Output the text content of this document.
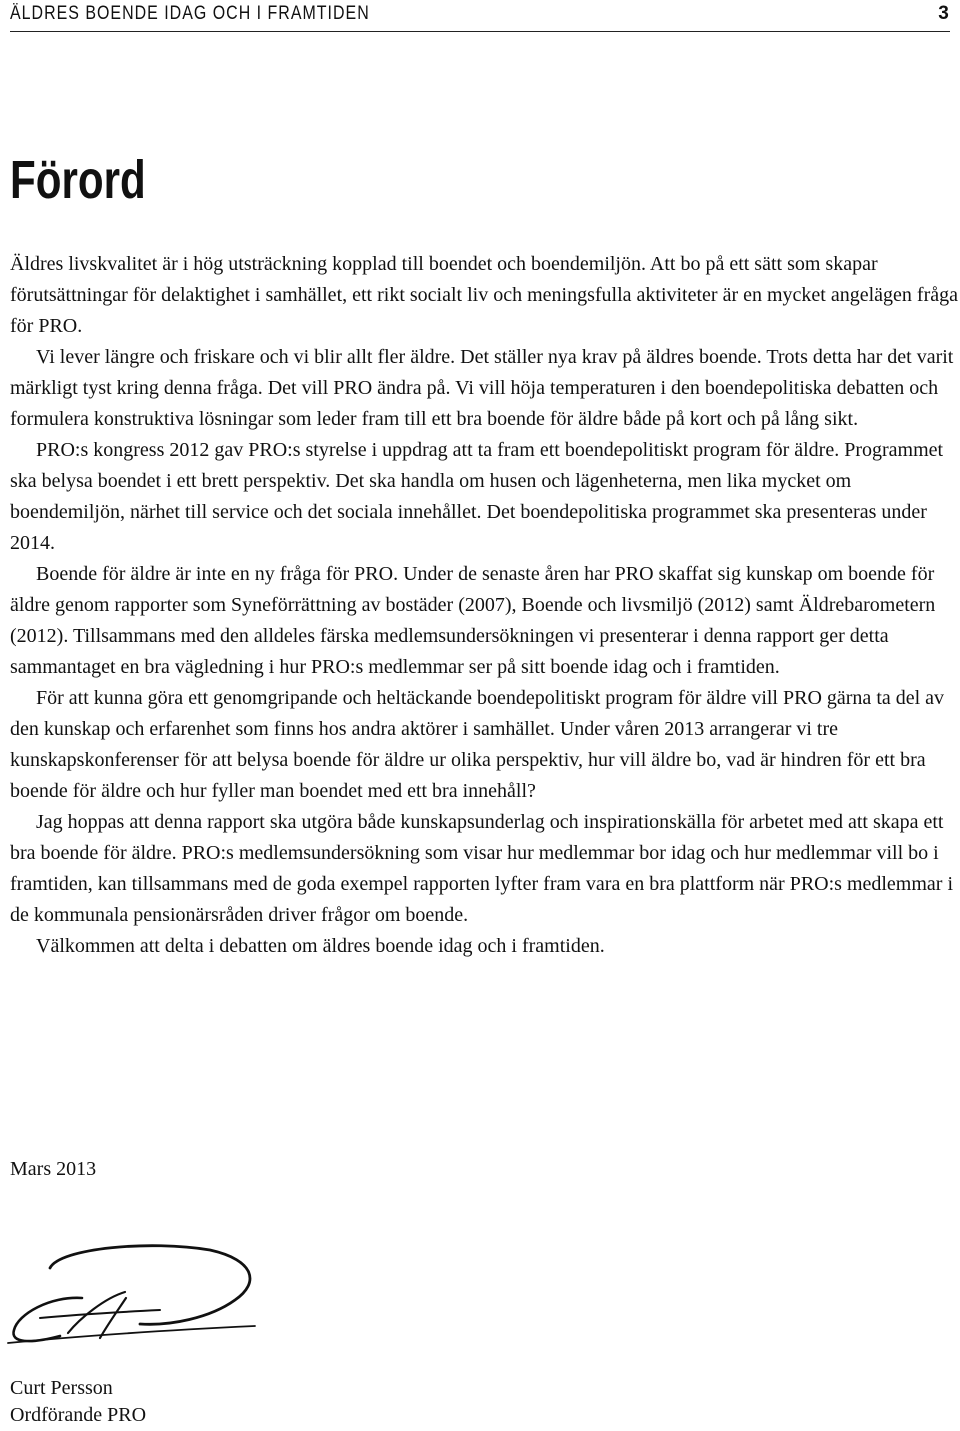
ÄLDRES BOENDE IDAG OCH I FRAMTIDEN	3
Förord

Äldres livskvalitet är i hög utsträckning kopplad till boendet och boendemiljön. Att bo på ett sätt som skapar förutsättningar för delaktighet i samhället, ett rikt socialt liv och meningsfulla aktiviteter är en mycket angelägen fråga för PRO.

Vi lever längre och friskare och vi blir allt fler äldre. Det ställer nya krav på äldres boende. Trots detta har det varit märkligt tyst kring denna fråga. Det vill PRO ändra på. Vi vill höja temperaturen i den boendepolitiska debatten och formulera konstruktiva lösningar som leder fram till ett bra boende för äldre både på kort och på lång sikt.

PRO:s kongress 2012 gav PRO:s styrelse i uppdrag att ta fram ett boendepolitiskt program för äldre. Programmet ska belysa boendet i ett brett perspektiv. Det ska handla om husen och lägenheterna, men lika mycket om boendemiljön, närhet till service och det sociala innehållet. Det boendepolitiska programmet ska presenteras under 2014.

Boende för äldre är inte en ny fråga för PRO. Under de senaste åren har PRO skaffat sig kunskap om boende för äldre genom rapporter som Syneförrättning av bostäder (2007), Boende och livsmiljö (2012) samt Äldrebarometern (2012). Tillsammans med den alldeles färska medlemsundersökningen vi presenterar i denna rapport ger detta sammantaget en bra vägledning i hur PRO:s medlemmar ser på sitt boende idag och i framtiden.

För att kunna göra ett genomgripande och heltäckande boendepolitiskt program för äldre vill PRO gärna ta del av den kunskap och erfarenhet som finns hos andra aktörer i samhället. Under våren 2013 arrangerar vi tre kunskapskonferenser för att belysa boende för äldre ur olika perspektiv, hur vill äldre bo, vad är hindren för ett bra boende för äldre och hur fyller man boendet med ett bra innehåll?

Jag hoppas att denna rapport ska utgöra både kunskapsunderlag och inspirationskälla för arbetet med att skapa ett bra boende för äldre. PRO:s medlemsundersökning som visar hur medlemmar bor idag och hur medlemmar vill bo i framtiden, kan tillsammans med de goda exempel rapporten lyfter fram vara en bra plattform när PRO:s medlemmar i de kommunala pensionärsråden driver frågor om boende.

Välkommen att delta i debatten om äldres boende idag och i framtiden.

Mars 2013
Curt Persson
Ordförande PRO
